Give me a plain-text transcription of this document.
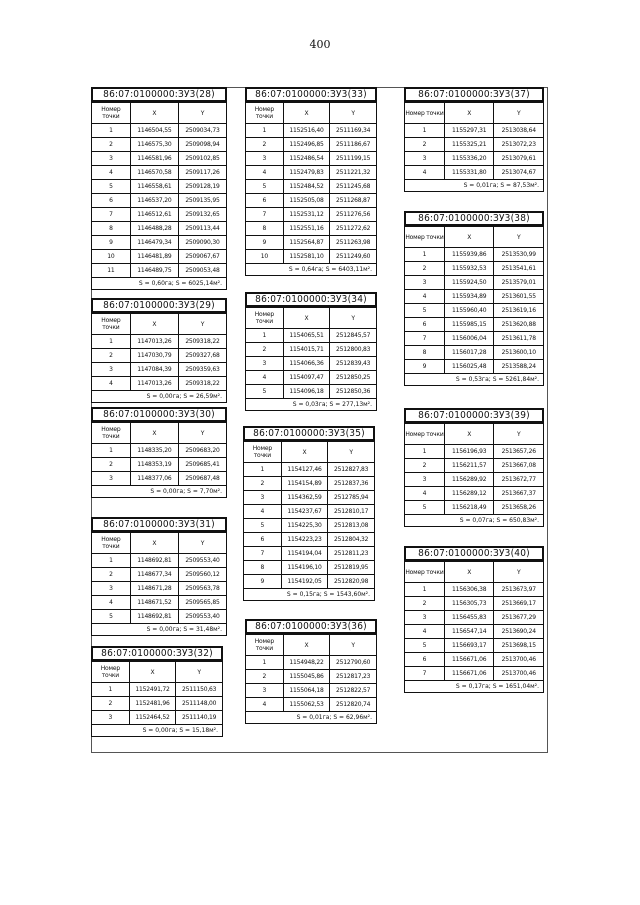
400
86:07:0100000:ЗУ3(28)
Номер точки	X	Y
1	1146504,55	2509034,73
2	1146575,30	2509098,94
3	1146581,96	2509102,85
4	1146570,58	2509117,26
5	1146558,61	2509128,19
6	1146537,20	2509135,95
7	1146512,61	2509132,65
8	1146488,28	2509113,44
9	1146479,34	2509090,30
10	1146481,89	2509067,67
11	1146489,75	2509053,48
S = 0,60га; S = 6025,14м².
86:07:0100000:ЗУ3(29)
Номер точки	X	Y
1	1147013,26	2509318,22
2	1147030,79	2509327,68
3	1147084,39	2509359,63
4	1147013,26	2509318,22
S = 0,00га; S = 26,59м².
86:07:0100000:ЗУ3(30)
Номер точки	X	Y
1	1148335,20	2509683,20
2	1148353,19	2509685,41
3	1148377,06	2509687,48
S = 0,00га; S = 7,70м².
86:07:0100000:ЗУ3(31)
Номер точки	X	Y
1	1148692,81	2509553,40
2	1148677,34	2509560,12
3	1148671,28	2509563,78
4	1148671,52	2509565,85
5	1148692,81	2509553,40
S = 0,00га; S = 31,48м².
86:07:0100000:ЗУ3(32)
Номер точки	X	Y
1	1152491,72	2511150,63
2	1152481,96	2511148,00
3	1152464,52	2511140,19
S = 0,00га; S = 15,18м².
86:07:0100000:ЗУ3(33)
Номер точки	X	Y
1	1152516,40	2511169,34
2	1152496,85	2511186,67
3	1152486,54	2511199,15
4	1152479,83	2511221,32
5	1152484,52	2511245,68
6	1152505,08	2511268,87
7	1152531,12	2511276,56
8	1152551,16	2511272,62
9	1152564,87	2511263,98
10	1152581,10	2511249,60
S = 0,64га; S = 6403,11м².
86:07:0100000:ЗУ3(34)
Номер точки	X	Y
1	1154065,51	2512845,57
2	1154015,71	2512800,83
3	1154066,36	2512839,43
4	1154097,47	2512850,25
5	1154096,18	2512850,36
S = 0,03га; S = 277,13м².
86:07:0100000:ЗУ3(35)
Номер точки	X	Y
1	1154127,46	2512827,83
2	1154154,89	2512837,36
3	1154362,59	2512785,94
4	1154237,67	2512810,17
5	1154225,30	2512813,08
6	1154223,23	2512804,32
7	1154194,04	2512811,23
8	1154196,10	2512819,95
9	1154192,05	2512820,98
S = 0,15га; S = 1543,60м².
86:07:0100000:ЗУ3(36)
Номер точки	X	Y
1	1154948,22	2512790,60
2	1155045,86	2512817,23
3	1155064,18	2512822,57
4	1155062,53	2512820,74
S = 0,01га; S = 62,96м².
86:07:0100000:ЗУ3(37)
Номер точки	X	Y
1	1155297,31	2513038,64
2	1155325,21	2513072,23
3	1155336,20	2513079,61
4	1155331,80	2513074,67
S = 0,01га; S = 87,53м².
86:07:0100000:ЗУ3(38)
Номер точки	X	Y
1	1155939,86	2513530,99
2	1155932,53	2513541,61
3	1155924,50	2513579,01
4	1155934,89	2513601,55
5	1155960,40	2513619,16
6	1155985,15	2513620,88
7	1156006,04	2513611,78
8	1156017,28	2513600,10
9	1156025,48	2513588,24
S = 0,53га; S = 5261,84м².
86:07:0100000:ЗУ3(39)
Номер точки	X	Y
1	1156196,93	2513657,26
2	1156211,57	2513667,08
3	1156289,92	2513672,77
4	1156289,12	2513667,37
5	1156218,49	2513658,26
S = 0,07га; S = 650,83м².
86:07:0100000:ЗУ3(40)
Номер точки	X	Y
1	1156306,38	2513673,97
2	1156305,73	2513669,17
3	1156455,83	2513677,29
4	1156547,14	2513690,24
5	1156693,17	2513698,15
6	1156671,06	2513700,46
7	1156671,06	2513700,46
S = 0,17га; S = 1651,04м².
